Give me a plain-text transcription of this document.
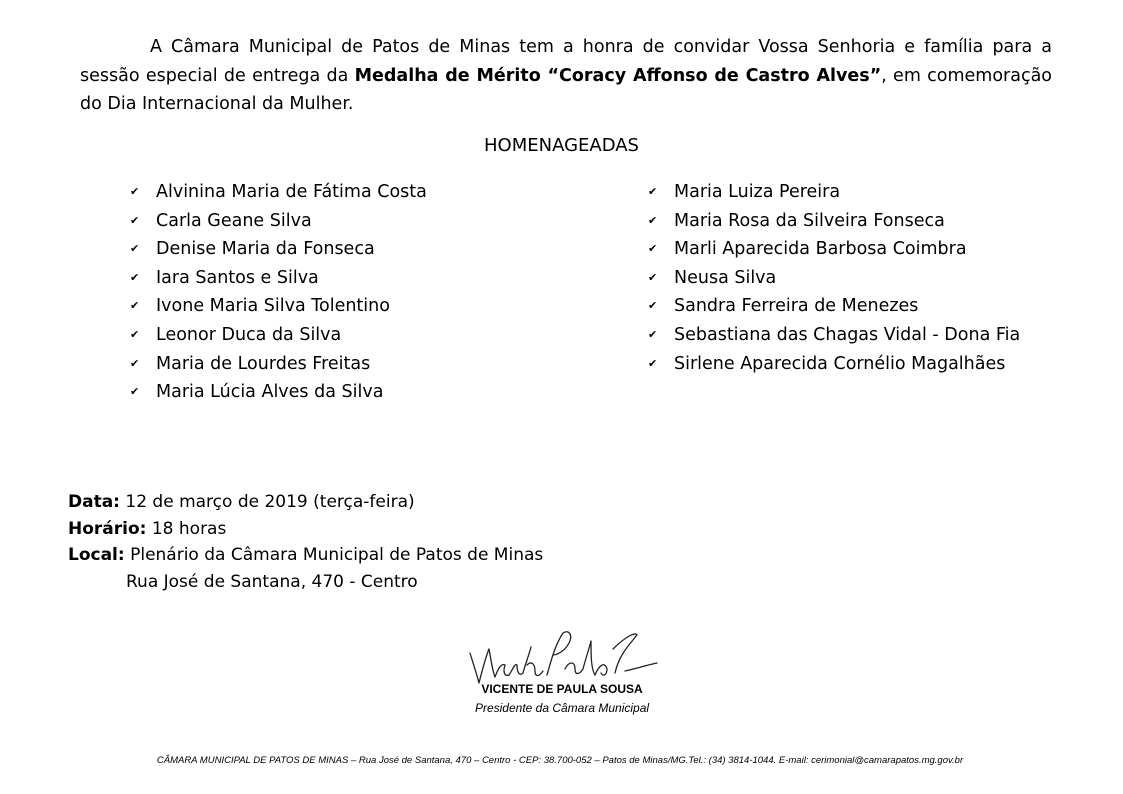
A Câmara Municipal de Patos de Minas tem a honra de convidar Vossa Senhoria e família para a sessão especial de entrega da Medalha de Mérito “Coracy Affonso de Castro Alves”, em comemoração do Dia Internacional da Mulher.

HOMENAGEADAS
✔ Alvinina Maria de Fátima Costa
✔ Carla Geane Silva
✔ Denise Maria da Fonseca
✔ Iara Santos e Silva
✔ Ivone Maria Silva Tolentino
✔ Leonor Duca da Silva
✔ Maria de Lourdes Freitas
✔ Maria Lúcia Alves da Silva
✔ Maria Luiza Pereira
✔ Maria Rosa da Silveira Fonseca
✔ Marli Aparecida Barbosa Coimbra
✔ Neusa Silva
✔ Sandra Ferreira de Menezes
✔ Sebastiana das Chagas Vidal - Dona Fia
✔ Sirlene Aparecida Cornélio Magalhães
Data: 12 de março de 2019 (terça-feira)
Horário: 18 horas
Local: Plenário da Câmara Municipal de Patos de Minas
Rua José de Santana, 470 - Centro
VICENTE DE PAULA SOUSA
Presidente da Câmara Municipal
CÂMARA MUNICIPAL DE PATOS DE MINAS – Rua José de Santana, 470 – Centro - CEP: 38.700-052 – Patos de Minas/MG.Tel.: (34) 3814-1044. E-mail: cerimonial@camarapatos.mg.gov.br
